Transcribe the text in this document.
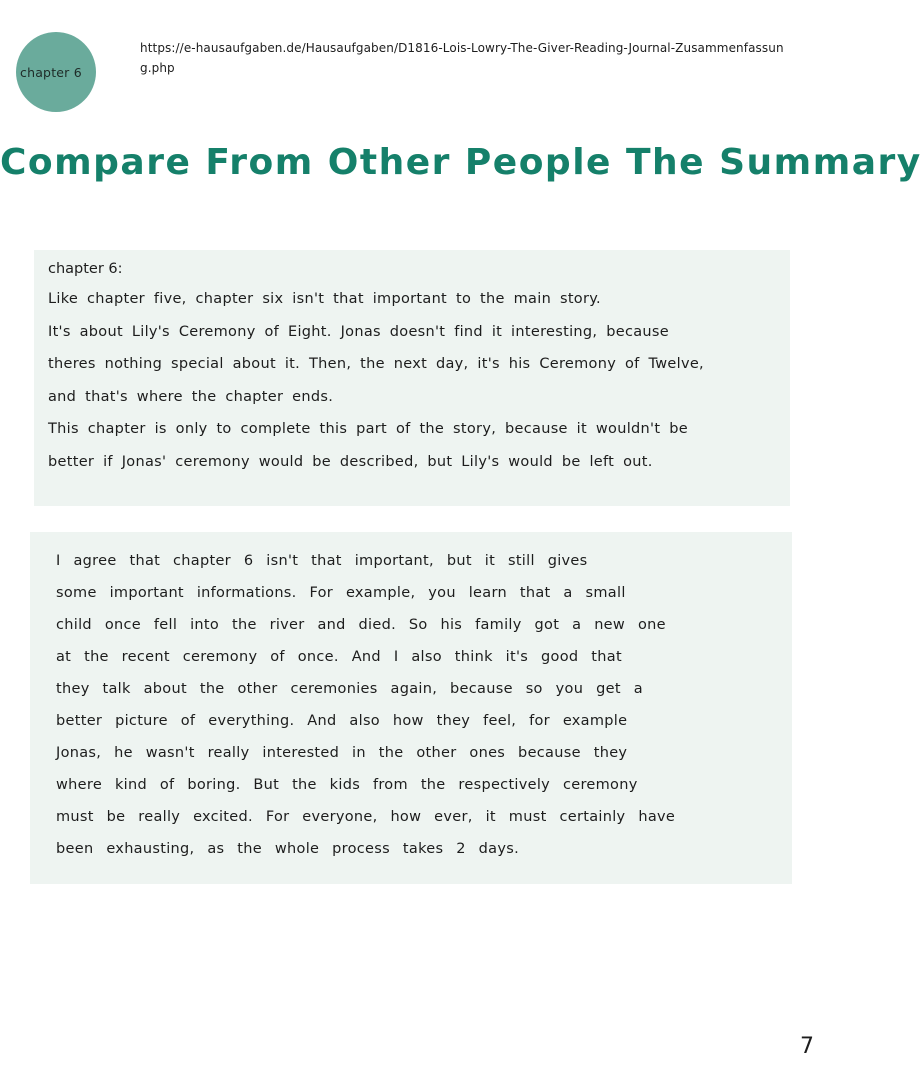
chapter 6
https://e-hausaufgaben.de/Hausaufgaben/D1816-Lois-Lowry-The-Giver-Reading-Journal-Zusammenfassung.php
Compare From Other People The Summary
chapter 6:
Like chapter five, chapter six isn't that important to the main story.
It's about Lily's Ceremony of Eight. Jonas doesn't find it interesting, because
theres nothing special about it. Then, the next day, it's his Ceremony of Twelve,
and that's where the chapter ends.
This chapter is only to complete this part of the story, because it wouldn't be
better if Jonas' ceremony would be described, but Lily's would be left out.
I agree that chapter 6 isn't that important, but it still gives
some important informations. For example, you learn that a small
child once fell into the river and died. So his family got a new one
at the recent ceremony of once. And I also think it's good that
they talk about the other ceremonies again, because so you get a
better picture of everything. And also how they feel, for example
Jonas, he wasn't really interested in the other ones because they
where kind of boring. But the kids from the respectively ceremony
must be really excited. For everyone, how ever, it must certainly have
been exhausting, as the whole process takes 2 days.
7
